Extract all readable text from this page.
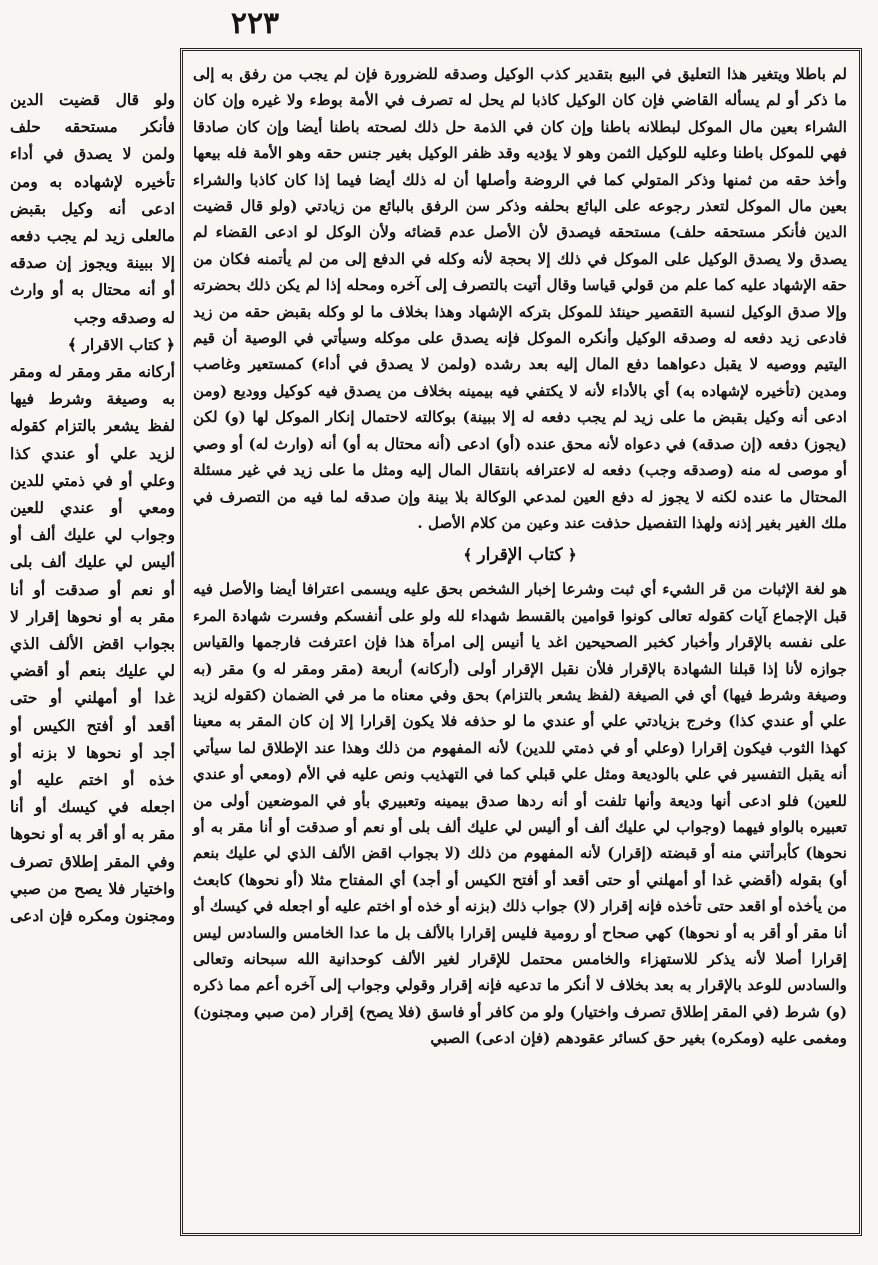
٢٢٣

ولو قال قضيت الدين فأنكر مستحقه حلف ولمن لا يصدق في أداء تأخيره لإشهاده به ومن ادعى أنه وكيل بقبض مالعلى زيد لم يجب دفعه إلا ببينة ويجوز إن صدقه أو أنه محتال به أو وارث له وصدقه وجب

﴿ كتاب الاقرار ﴾

أركانه مقر ومقر له ومقر به وصيغة وشرط فيها لفظ يشعر بالتزام كقوله لزيد علي أو عندي كذا وعلي أو في ذمتي للدين ومعي أو عندي للعين وجواب لي عليك ألف أو أليس لي عليك ألف بلى أو نعم أو صدقت أو أنا مقر به أو نحوها إقرار لا بجواب اقض الألف الذي لي عليك بنعم أو أقضي غدا أو أمهلني أو حتى أقعد أو أفتح الكيس أو أجد أو نحوها لا بزنه أو خذه أو اختم عليه أو اجعله في كيسك أو أنا مقر به أو أقر به أو نحوها وفي المقر إطلاق تصرف واختيار فلا يصح من صبي ومجنون ومكره فإن ادعى

لم باطلا ويتغير هذا التعليق في البيع بتقدير كذب الوكيل وصدقه للضرورة فإن لم يجب من رفق به إلى ما ذكر أو لم يسأله القاضي فإن كان الوكيل كاذبا لم يحل له تصرف في الأمة بوطء ولا غيره وإن كان الشراء بعين مال الموكل لبطلانه باطنا وإن كان في الذمة حل ذلك لصحته باطنا أيضا وإن كان صادقا فهي للموكل باطنا وعليه للوكيل الثمن وهو لا يؤديه وقد ظفر الوكيل بغير جنس حقه وهو الأمة فله بيعها وأخذ حقه من ثمنها وذكر المتولي كما في الروضة وأصلها أن له ذلك أيضا فيما إذا كان كاذبا والشراء بعين مال الموكل لتعذر رجوعه على البائع بحلفه وذكر سن الرفق بالبائع من زيادتي (ولو قال قضيت الدين فأنكر مستحقه حلف) مستحقه فيصدق لأن الأصل عدم قضائه ولأن الوكل لو ادعى القضاء لم يصدق ولا يصدق الوكيل على الموكل في ذلك إلا بحجة لأنه وكله في الدفع إلى من لم يأتمنه فكان من حقه الإشهاد عليه كما علم من قولي قياسا وقال أتيت بالتصرف إلى آخره ومحله إذا لم يكن ذلك بحضرته وإلا صدق الوكيل لنسبة التقصير حينئذ للموكل بتركه الإشهاد وهذا بخلاف ما لو وكله بقبض حقه من زيد فادعى زيد دفعه له وصدقه الوكيل وأنكره الموكل فإنه يصدق على موكله وسيأتي في الوصية أن قيم اليتيم ووصيه لا يقبل دعواهما دفع المال إليه بعد رشده (ولمن لا يصدق في أداء) كمستعير وغاصب ومدين (تأخيره لإشهاده به) أي بالأداء لأنه لا يكتفي فيه بيمينه بخلاف من يصدق فيه كوكيل ووديع (ومن ادعى أنه وكيل بقبض ما على زيد لم يجب دفعه له إلا ببينة) بوكالته لاحتمال إنكار الموكل لها (و) لكن (يجوز) دفعه (إن صدقه) في دعواه لأنه محق عنده (أو) ادعى (أنه محتال به أو) أنه (وارث له) أو وصي أو موصى له منه (وصدقه وجب) دفعه له لاعترافه بانتقال المال إليه ومثل ما على زيد في غير مسئلة المحتال ما عنده لكنه لا يجوز له دفع العين لمدعي الوكالة بلا بينة وإن صدقه لما فيه من التصرف في ملك الغير بغير إذنه ولهذا التفصيل حذفت عند وعين من كلام الأصل .

﴿ كتاب الإقرار ﴾

هو لغة الإثبات من قر الشيء أي ثبت وشرعا إخبار الشخص بحق عليه ويسمى اعترافا أيضا والأصل فيه قبل الإجماع آيات كقوله تعالى كونوا قوامين بالقسط شهداء لله ولو على أنفسكم وفسرت شهادة المرء على نفسه بالإقرار وأخبار كخبر الصحيحين اغد يا أنيس إلى امرأة هذا فإن اعترفت فارجمها والقياس جوازه لأنا إذا قبلنا الشهادة بالإقرار فلأن نقبل الإقرار أولى (أركانه) أربعة (مقر ومقر له و) مقر (به وصيغة وشرط فيها) أي في الصيغة (لفظ يشعر بالتزام) بحق وفي معناه ما مر في الضمان (كقوله لزيد علي أو عندي كذا) وخرج بزيادتي علي أو عندي ما لو حذفه فلا يكون إقرارا إلا إن كان المقر به معينا كهذا الثوب فيكون إقرارا (وعلي أو في ذمتي للدين) لأنه المفهوم من ذلك وهذا عند الإطلاق لما سيأتي أنه يقبل التفسير في علي بالوديعة ومثل علي قبلي كما في التهذيب ونص عليه في الأم (ومعي أو عندي للعين) فلو ادعى أنها وديعة وأنها تلفت أو أنه ردها صدق بيمينه وتعبيري بأو في الموضعين أولى من تعبيره بالواو فيهما (وجواب لي عليك ألف أو أليس لي عليك ألف بلى أو نعم أو صدقت أو أنا مقر به أو نحوها) كأبرأتني منه أو قبضته (إقرار) لأنه المفهوم من ذلك (لا بجواب اقض الألف الذي لي عليك بنعم أو) بقوله (أقضي غدا أو أمهلني أو حتى أقعد أو أفتح الكيس أو أجد) أي المفتاح مثلا (أو نحوها) كابعث من يأخذه أو اقعد حتى تأخذه فإنه إقرار (لا) جواب ذلك (بزنه أو خذه أو اختم عليه أو اجعله في كيسك أو أنا مقر أو أقر به أو نحوها) كهي صحاح أو رومية فليس إقرارا بالألف بل ما عدا الخامس والسادس ليس إقرارا أصلا لأنه يذكر للاستهزاء والخامس محتمل للإقرار لغير الألف كوحدانية الله سبحانه وتعالى والسادس للوعد بالإقرار به بعد بخلاف لا أنكر ما تدعيه فإنه إقرار وقولي وجواب إلى آخره أعم مما ذكره (و) شرط (في المقر إطلاق تصرف واختيار) ولو من كافر أو فاسق (فلا يصح) إقرار (من صبي ومجنون) ومغمى عليه (ومكره) بغير حق كسائر عقودهم (فإن ادعى) الصبي
